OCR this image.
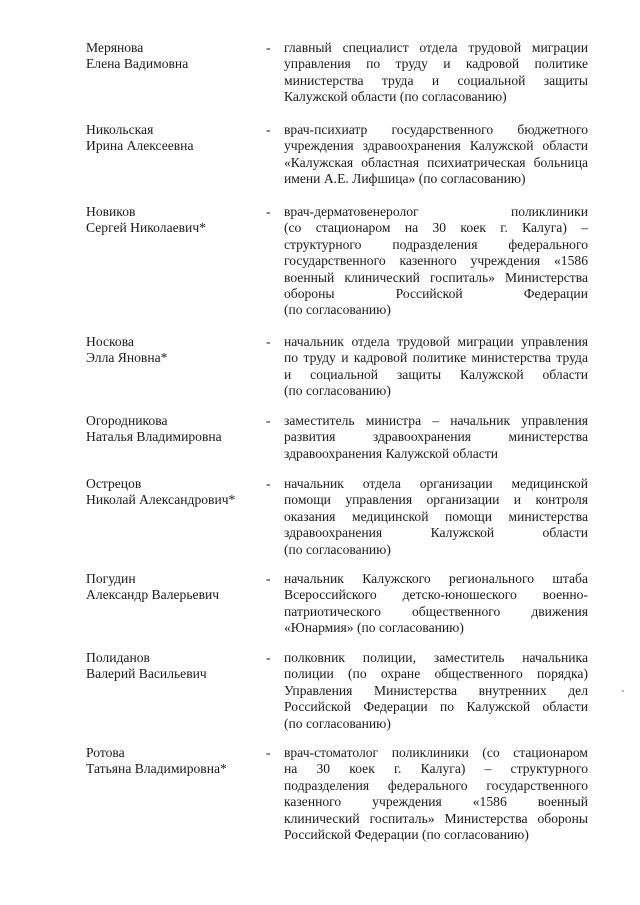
Мерянова
Елена Вадимовна
- главный специалист отдела трудовой миграции
управления по труду и кадровой политике
министерства труда и социальной защиты
Калужской области (по согласованию)
Никольская
Ирина Алексеевна
- врач-психиатр государственного бюджетного
учреждения здравоохранения Калужской области
«Калужская областная психиатрическая больница
имени А.Е. Лифшица» (по согласованию)
Новиков
Сергей Николаевич*
- врач-дерматовенеролог поликлиники
(со стационаром на 30 коек г. Калуга) –
структурного подразделения федерального
государственного казенного учреждения «1586
военный клинический госпиталь» Министерства
обороны Российской Федерации
(по согласованию)
Носкова
Элла Яновна*
- начальник отдела трудовой миграции управления
по труду и кадровой политике министерства труда
и социальной защиты Калужской области
(по согласованию)
Огородникова
Наталья Владимировна
- заместитель министра – начальник управления
развития здравоохранения министерства
здравоохранения Калужской области
Острецов
Николай Александрович*
- начальник отдела организации медицинской
помощи управления организации и контроля
оказания медицинской помощи министерства
здравоохранения Калужской области
(по согласованию)
Погудин
Александр Валерьевич
- начальник Калужского регионального штаба
Всероссийского детско-юношеского военно-
патриотического общественного движения
«Юнармия» (по согласованию)
Полиданов
Валерий Васильевич
- полковник полиции, заместитель начальника
полиции (по охране общественного порядка)
Управления Министерства внутренних дел
Российской Федерации по Калужской области
(по согласованию)
Ротова
Татьяна Владимировна*
- врач-стоматолог поликлиники (со стационаром
на 30 коек г. Калуга) – структурного
подразделения федерального государственного
казенного учреждения «1586 военный
клинический госпиталь» Министерства обороны
Российской Федерации (по согласованию)
